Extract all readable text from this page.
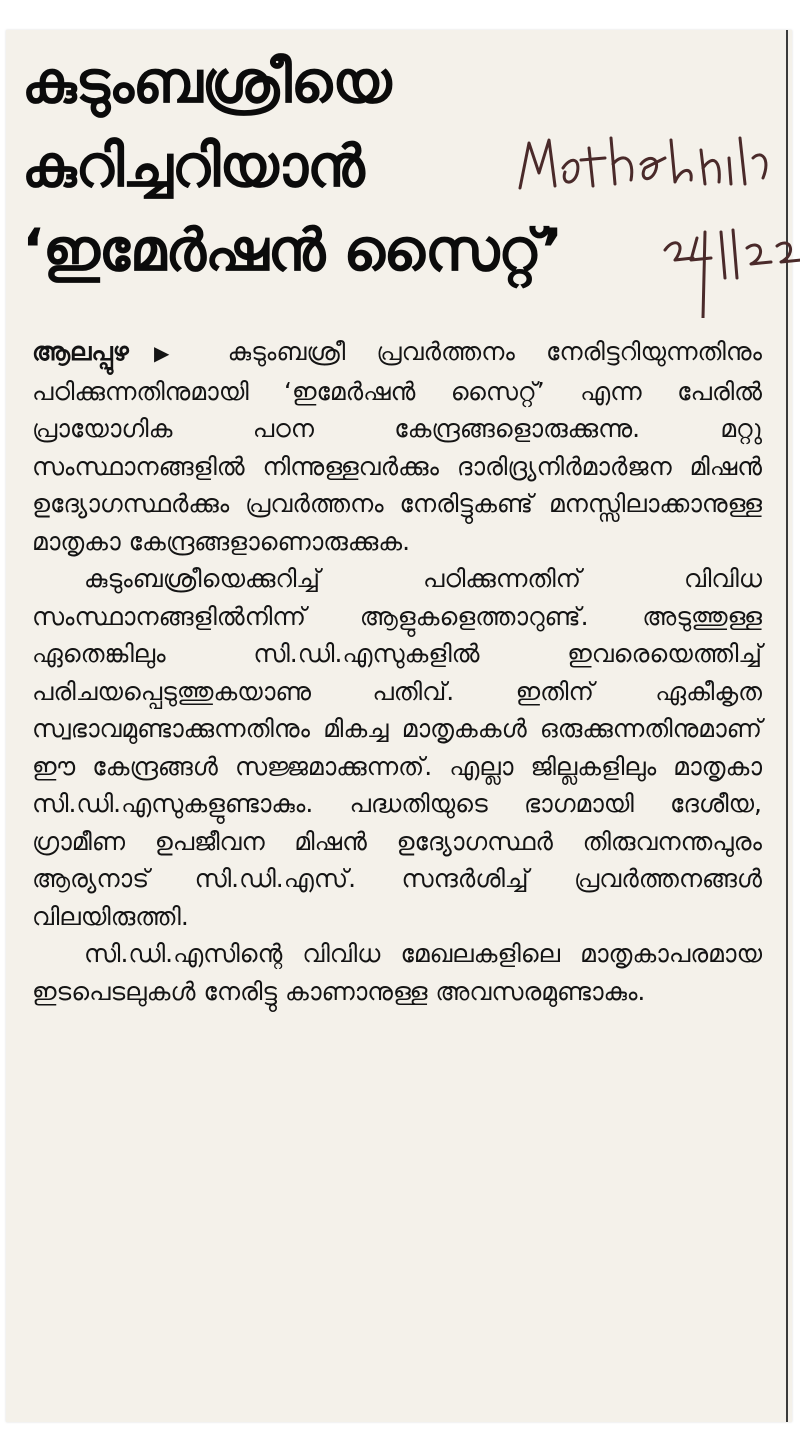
കുടുംബശ്രീയെ
കുറിച്ചറിയാൻ
‘ഇമേർഷൻ സൈറ്റ്’

ആലപ്പുഴ ▶ കുടുംബശ്രീ പ്രവർത്തനം നേരിട്ടറിയുന്നതിനും പഠിക്കുന്നതിനുമായി ‘ഇമേർഷൻ സൈറ്റ്’ എന്ന പേരിൽ പ്രായോഗിക പഠന കേന്ദ്രങ്ങളൊരുക്കുന്നു. മറ്റു സംസ്ഥാനങ്ങളിൽ നിന്നുള്ളവർക്കും ദാരിദ്ര്യനിർമാർജന മിഷൻ ഉദ്യോഗസ്ഥർക്കും പ്രവർത്തനം നേരിട്ടുകണ്ട് മനസ്സിലാക്കാനുള്ള മാതൃകാ കേന്ദ്രങ്ങളാണൊരുക്കുക.

കുടുംബശ്രീയെക്കുറിച്ച് പഠിക്കുന്നതിന് വിവിധ സംസ്ഥാനങ്ങളിൽനിന്ന് ആളുകളെത്താറുണ്ട്. അടുത്തുള്ള ഏതെങ്കിലും സി.ഡി.എസുകളിൽ ഇവരെയെത്തിച്ച് പരിചയപ്പെടുത്തുകയാണു പതിവ്. ഇതിന് ഏകീകൃത സ്വഭാവമുണ്ടാക്കുന്നതിനും മികച്ച മാതൃകകൾ ഒരുക്കുന്നതിനുമാണ് ഈ കേന്ദ്രങ്ങൾ സജ്ജമാക്കുന്നത്. എല്ലാ ജില്ലകളിലും മാതൃകാ സി.ഡി.എസുകളുണ്ടാകും. പദ്ധതിയുടെ ഭാഗമായി ദേശീയ, ഗ്രാമീണ ഉപജീവന മിഷൻ ഉദ്യോഗസ്ഥർ തിരുവനന്തപുരം ആര്യനാട് സി.ഡി.എസ്. സന്ദർശിച്ച് പ്രവർത്തനങ്ങൾ വിലയിരുത്തി.

സി.ഡി.എസിന്റെ വിവിധ മേഖലകളിലെ മാതൃകാപരമായ ഇടപെടലുകൾ നേരിട്ടു കാണാനുള്ള അവസരമുണ്ടാകും.
